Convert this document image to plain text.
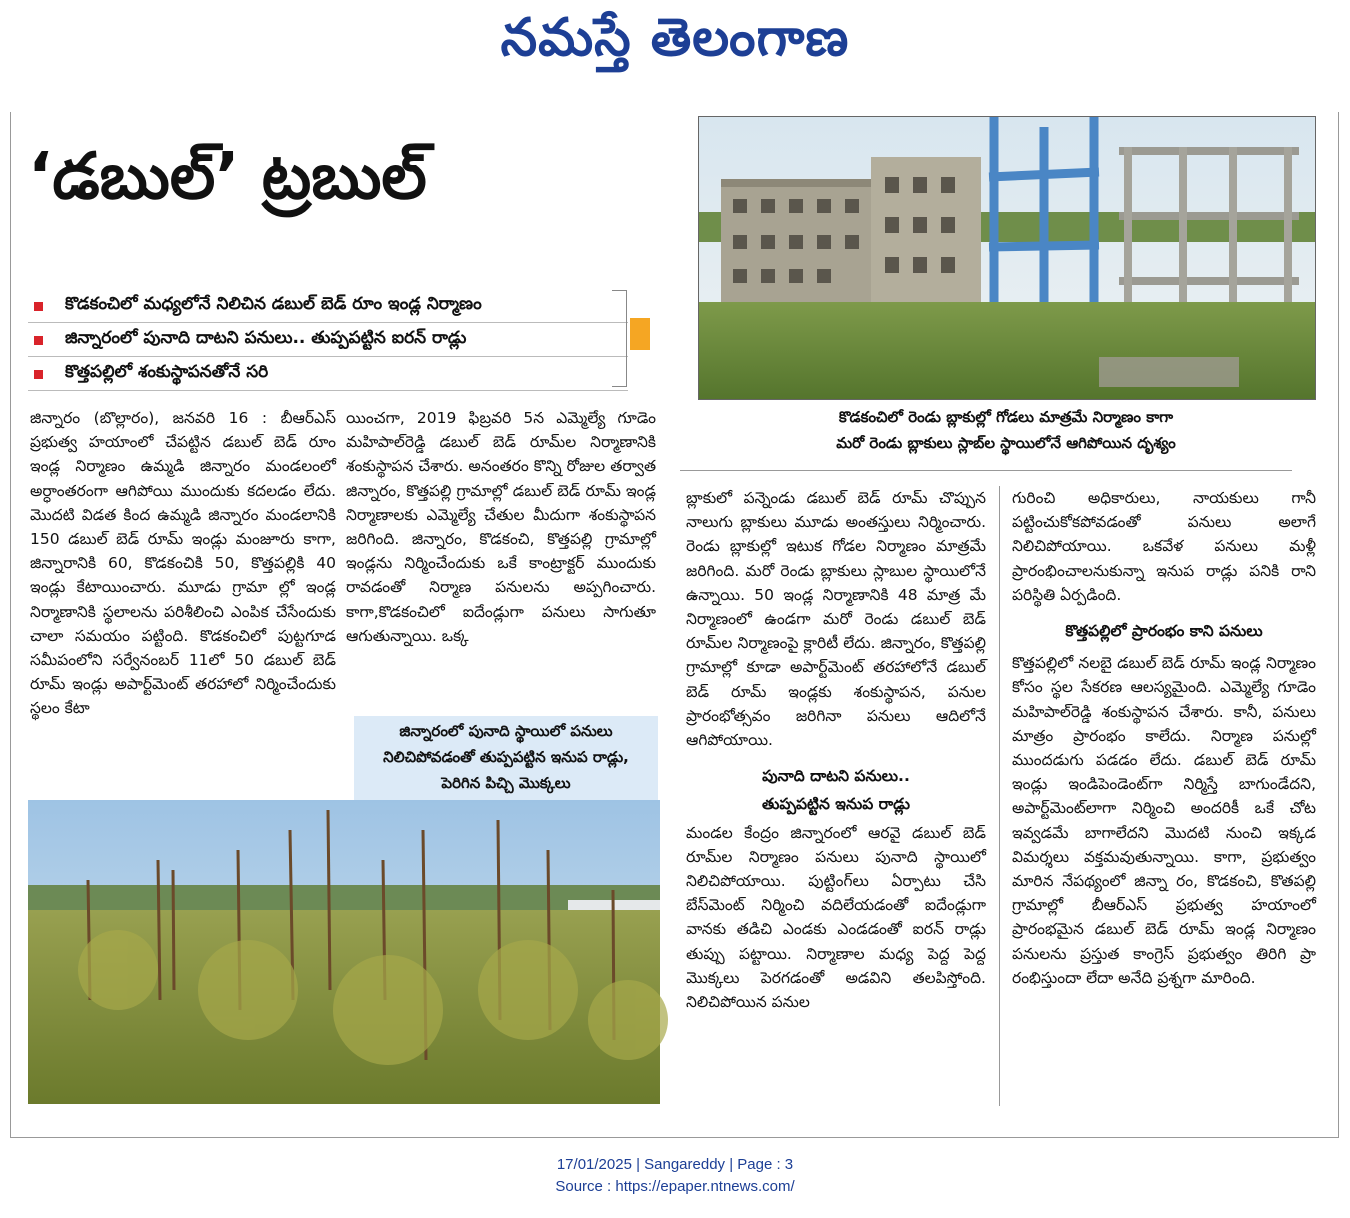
నమస్తే తెలంగాణ
‘డబుల్’ ట్రబుల్
కొడకంచిలో మధ్యలోనే నిలిచిన డబుల్ బెడ్ రూం ఇండ్ల నిర్మాణం
జిన్నారంలో పునాది దాటని పనులు.. తుప్పపట్టిన ఐరన్ రాడ్లు
కొత్తపల్లిలో శంకుస్థాపనతోనే సరి
కొడకంచిలో రెండు బ్లాకుల్లో గోడలు మాత్రమే నిర్మాణం కాగా
మరో రెండు బ్లాకులు స్లాబ్‌ల స్థాయిలోనే ఆగిపోయిన దృశ్యం

జిన్నారం (బొల్లారం), జనవరి 16 : బీఆర్ఎస్ ప్రభుత్వ హయాంలో చేపట్టిన డబుల్ బెడ్ రూం ఇండ్ల నిర్మాణం ఉమ్మడి జిన్నారం మండలంలో అర్ధాంతరంగా ఆగిపోయి ముందుకు కదలడం లేదు. మొదటి విడత కింద ఉమ్మడి జిన్నారం మండలానికి 150 డబుల్ బెడ్ రూమ్ ఇండ్లు మంజూరు కాగా, జిన్నారానికి 60, కొడకంచికి 50, కొత్తపల్లికి 40 ఇండ్లు కేటాయించారు. మూడు గ్రామా ల్లో ఇండ్ల నిర్మాణానికి స్థలాలను పరిశీలించి ఎంపిక చేసేందుకు చాలా సమయం పట్టింది. కొడకంచిలో పుట్టగూడ సమీపంలోని సర్వేనంబర్ 11లో 50 డబుల్ బెడ్ రూమ్ ఇండ్లు అపార్ట్‌మెంట్ తరహాలో నిర్మించేందుకు స్థలం కేటా

యించగా, 2019 ఫిబ్రవరి 5న ఎమ్మెల్యే గూడెం మహిపాల్‌రెడ్డి డబుల్ బెడ్ రూమ్‌ల నిర్మాణానికి శంకుస్థాపన చేశారు. అనంతరం కొన్ని రోజుల తర్వాత జిన్నారం, కొత్తపల్లి గ్రామాల్లో డబుల్ బెడ్ రూమ్ ఇండ్ల నిర్మాణాలకు ఎమ్మెల్యే చేతుల మీదుగా శంకుస్థాపన జరిగింది. జిన్నారం, కొడకంచి, కొత్తపల్లి గ్రామాల్లో ఇండ్లను నిర్మించేందుకు ఒకే కాంట్రాక్టర్ ముందుకు రావడంతో నిర్మాణ పనులను అప్పగించారు. కాగా,కొడకంచిలో ఐదేండ్లుగా పనులు సాగుతూ ఆగుతున్నాయి. ఒక్క

జిన్నారంలో పునాది స్థాయిలో పనులు
నిలిచిపోవడంతో తుప్పపట్టిన ఇనుప రాడ్లు,
పెరిగిన పిచ్చి మొక్కలు

బ్లాకులో పన్నెండు డబుల్ బెడ్ రూమ్ చొప్పున నాలుగు బ్లాకులు మూడు అంతస్తులు నిర్మించారు. రెండు బ్లాకుల్లో ఇటుక గోడల నిర్మాణం మాత్రమే జరిగింది. మరో రెండు బ్లాకులు స్లాబుల స్థాయిలోనే ఉన్నాయి. 50 ఇండ్ల నిర్మాణానికి 48 మాత్ర మే నిర్మాణంలో ఉండగా మరో రెండు డబుల్ బెడ్ రూమ్‌ల నిర్మాణంపై క్లారిటీ లేదు. జిన్నారం, కొత్తపల్లి గ్రామాల్లో కూడా అపార్ట్‌మెంట్ తరహాలోనే డబుల్ బెడ్ రూమ్ ఇండ్లకు శంకుస్థాపన, పనుల ప్రారంభోత్సవం జరిగినా పనులు ఆదిలోనే ఆగిపోయాయి.

పునాది దాటని పనులు..

తుప్పపట్టిన ఇనుప రాడ్లు

మండల కేంద్రం జిన్నారంలో ఆరవై డబుల్ బెడ్ రూమ్‌ల నిర్మాణం పనులు పునాది స్థాయిలో నిలిచిపోయాయి. పుట్టింగ్‌లు ఏర్పాటు చేసి బేస్‌మెంట్ నిర్మించి వదిలేయడంతో ఐదేండ్లుగా వానకు తడిచి ఎండకు ఎండడంతో ఐరన్ రాడ్లు తుప్పు పట్టాయి. నిర్మాణాల మధ్య పెద్ద పెద్ద మొక్కలు పెరగడంతో అడవిని తలపిస్తోంది. నిలిచిపోయిన పనుల

గురించి అధికారులు, నాయకులు గానీ పట్టించుకోకపోవడంతో పనులు అలాగే నిలిచిపోయాయి. ఒకవేళ పనులు మళ్లీ ప్రారంభించాలనుకున్నా ఇనుప రాడ్లు పనికి రాని పరిస్థితి ఏర్పడింది.

కొత్తపల్లిలో ప్రారంభం కాని పనులు

కొత్తపల్లిలో నలబై డబుల్ బెడ్ రూమ్ ఇండ్ల నిర్మాణం కోసం స్థల సేకరణ ఆలస్యమైంది. ఎమ్మెల్యే గూడెం మహిపాల్‌రెడ్డి శంకుస్థాపన చేశారు. కానీ, పనులు మాత్రం ప్రారంభం కాలేదు. నిర్మాణ పనుల్లో ముందడుగు పడడం లేదు. డబుల్ బెడ్ రూమ్ ఇండ్లు ఇండిపెండెంట్‌గా నిర్మిస్తే బాగుండేదని, అపార్ట్‌మెంట్‌లాగా నిర్మించి అందరికీ ఒకే చోట ఇవ్వడమే బాగాలేదని మొదటి నుంచి ఇక్కడ విమర్శలు వక్తమవుతున్నాయి. కాగా, ప్రభుత్వం మారిన నేపథ్యంలో జిన్నా రం, కొడకంచి, కొతపల్లి గ్రామాల్లో బీఆర్ఎస్ ప్రభుత్వ హయాంలో ప్రారంభమైన డబుల్ బెడ్ రూమ్ ఇండ్ల నిర్మాణం పనులను ప్రస్తుత కాంగ్రెస్ ప్రభుత్వం తిరిగి ప్రా రంభిస్తుందా లేదా అనేది ప్రశ్నగా మారింది.

17/01/2025 | Sangareddy | Page : 3
Source : https://epaper.ntnews.com/
